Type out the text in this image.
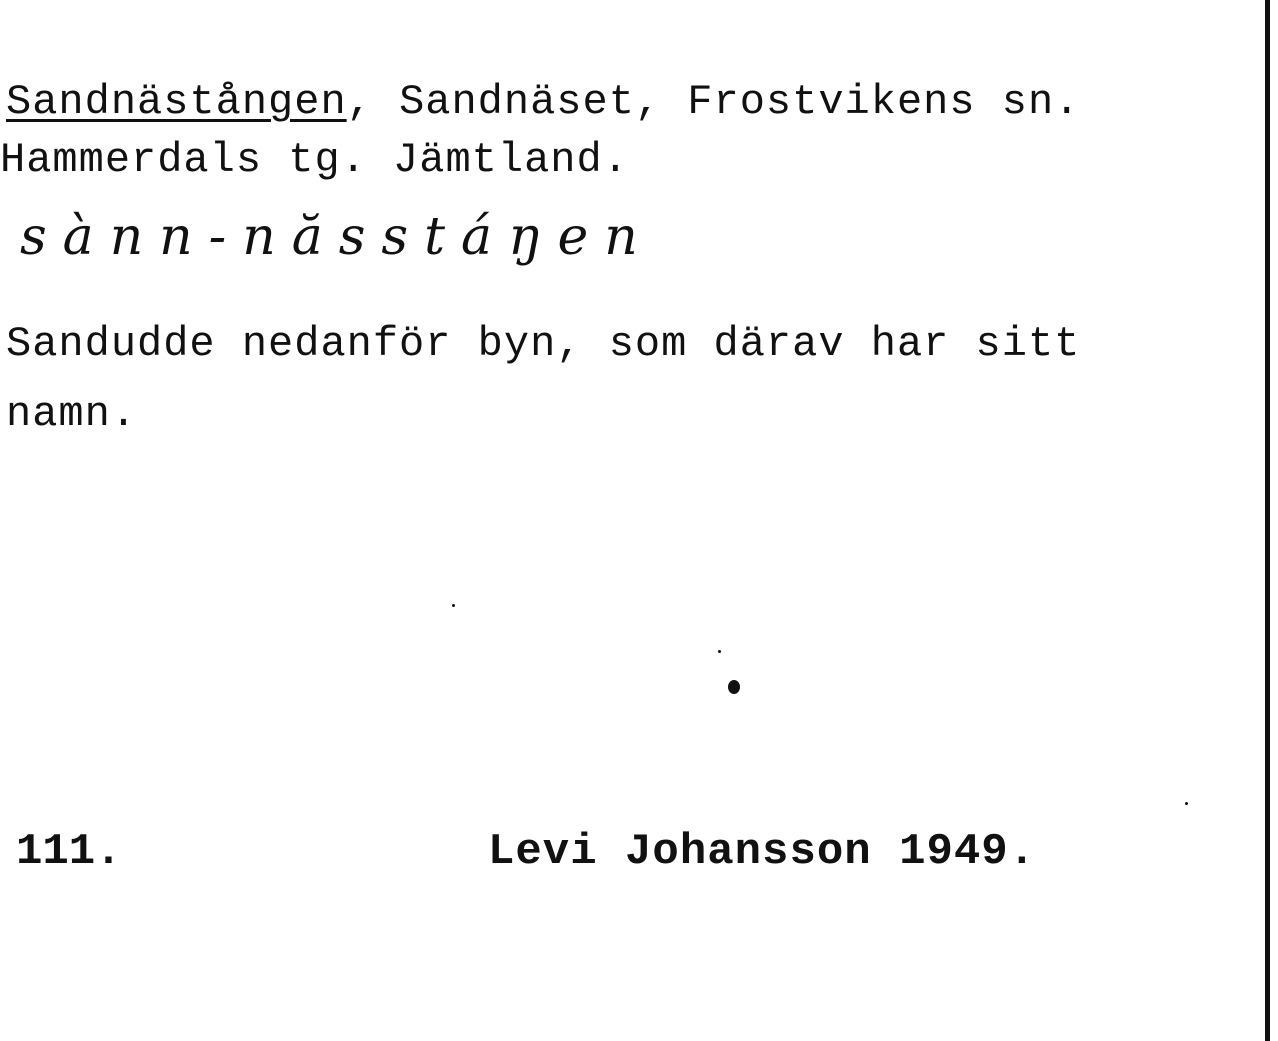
Sandnästången, Sandnäset, Frostvikens sn.
Hammerdals tg. Jämtland.
sànn-năsstáŋen
Sandudde nedanför byn, som därav har sitt
namn.
111.	Levi Johansson 1949.
